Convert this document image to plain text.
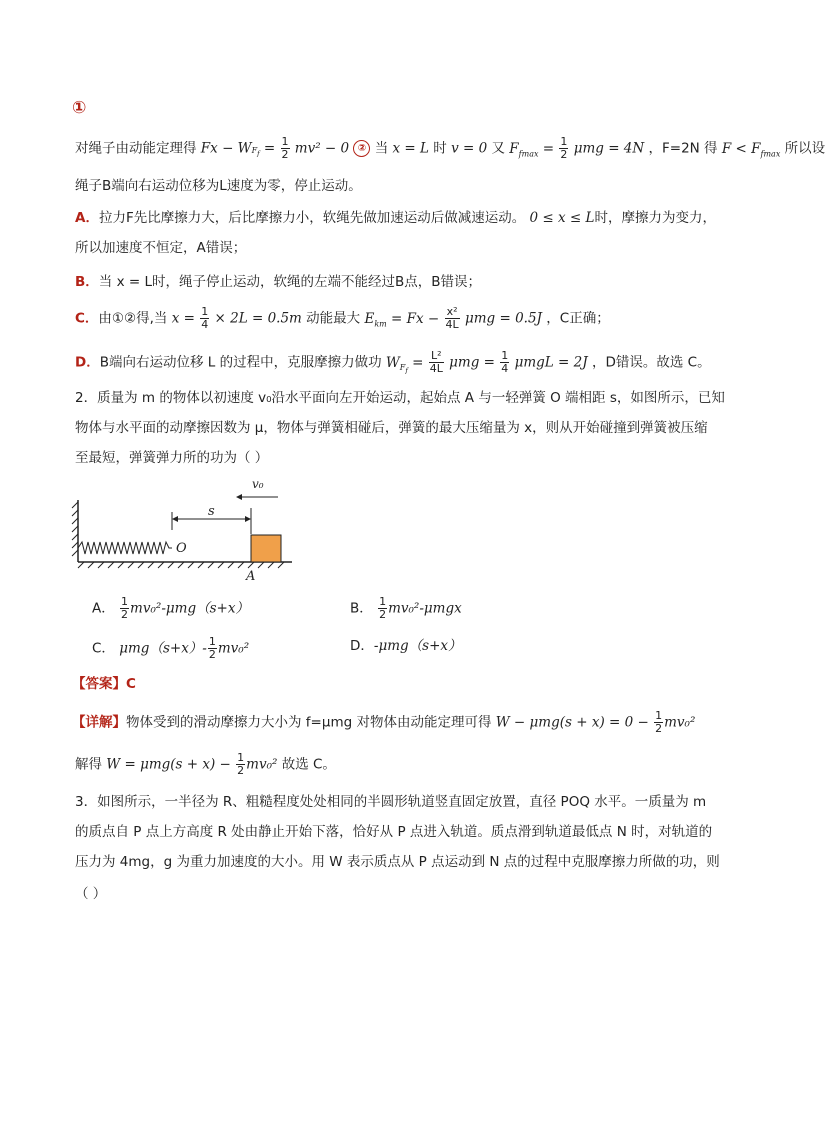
①
对绳子由动能定理得 $Fx - WF_f = \frac{1}{2} mv^2 - 0$ ② 当 x = L 时 v = 0 又 $F_{fmax} = \frac{1}{2}$ μmg = 4N ，F=2N 得 $F < F_{fmax}$ 所以设
绳子B端向右运动位移为L速度为零，停止运动。
A．拉力F先比摩擦力大，后比摩擦力小，软绳先做加速运动后做减速运动。 0 ≤ x ≤ L时，摩擦力为变力，
所以加速度不恒定，A错误；
B．当 x = L时，绳子停止运动，软绳的左端不能经过B点，B错误；
C．由①②得,当 $x = \frac{1}{4} \times 2L = 0.5m$ 动能最大 $E_{km} = Fx - \frac{\text{x²}}{4L}$ μmg = 0.5J ，C正确；
D．B端向右运动位移 L 的过程中，克服摩擦力做功 $W_{F_f} = \frac{\text{L²}}{4L}$ $\mu mg = \frac{1}{4}$ μmgL = 2J ，D错误。故选 C。
2．质量为 m 的物体以初速度 v₀沿水平面向左开始运动，起始点 A 与一轻弹簧 O 端相距 s，如图所示，已知
物体与水平面的动摩擦因数为 μ，物体与弹簧相碰后，弹簧的最大压缩量为 x，则从开始碰撞到弹簧被压缩
至最短，弹簧弹力所的功为（ ）
O
A
s
v₀
A． $\frac{1}{2} mv_0^2-\mu mg(s+x)$	B． $\frac{1}{2} mv_0^2-\mu mgx$
C． $\mu mg(s+x)- \frac{1}{2} mv_0^2$	D．-μmg（s+x）
【答案】C
【详解】物体受到的滑动摩擦力大小为 f=μmg 对物体由动能定理可得 $W - \mu mg(s + x) = 0 - \frac{1}{2} mv_0^2$
解得 $W = \mu mg(s + x) - \frac{1}{2} mv_0^2$ 故选 C。
3．如图所示，一半径为 R、粗糙程度处处相同的半圆形轨道竖直固定放置，直径 POQ 水平。一质量为 m
的质点自 P 点上方高度 R 处由静止开始下落，恰好从 P 点进入轨道。质点滑到轨道最低点 N 时，对轨道的
压力为 4mg，g 为重力加速度的大小。用 W 表示质点从 P 点运动到 N 点的过程中克服摩擦力所做的功，则
（ ）
